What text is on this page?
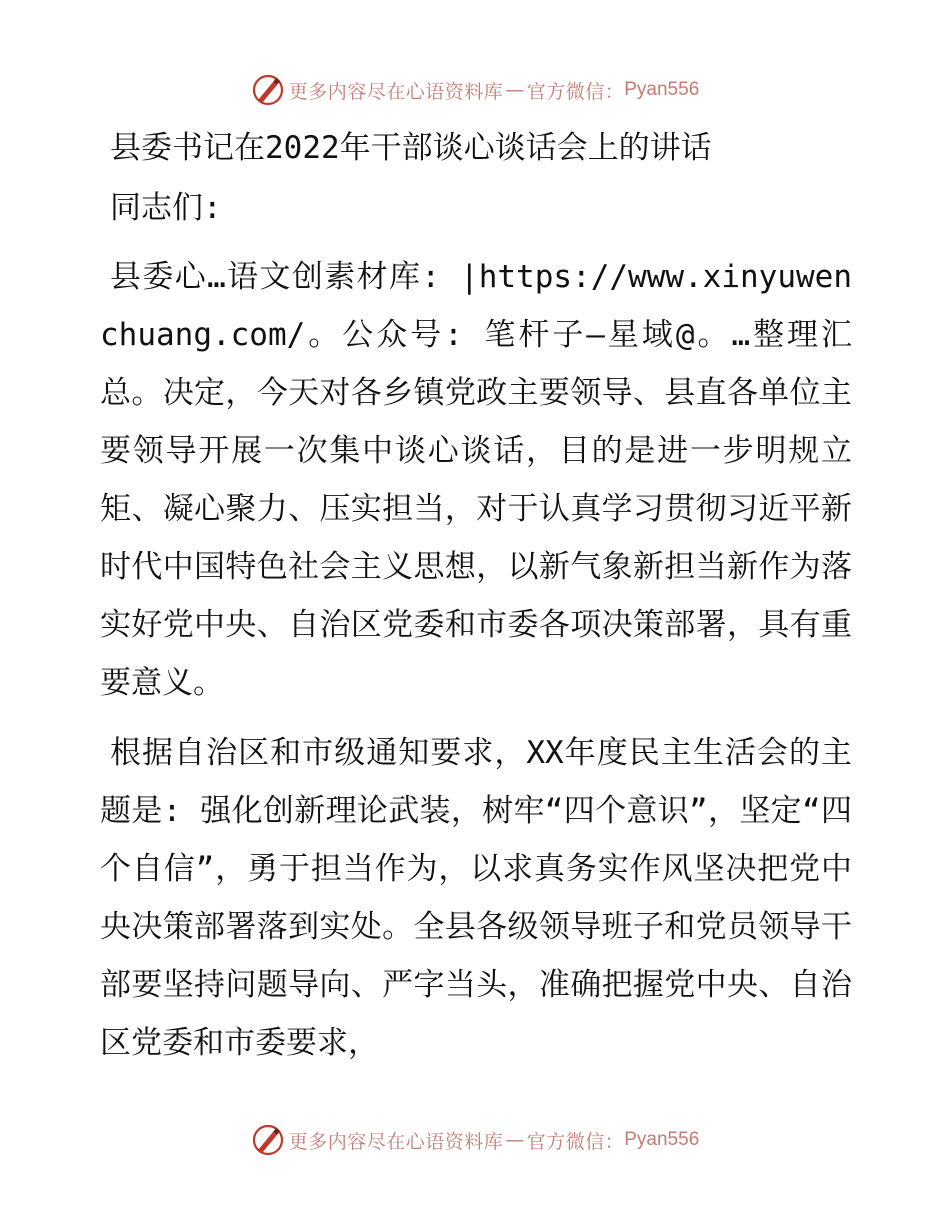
更多内容尽在心语资料库 — 官方微信： Pyan556
县委书记在2022年干部谈心谈话会上的讲话
同志们:

县委心…语文创素材库: |https://www.xinyuwenchuang.com/。公众号: 笔杆子—星域@。…整理汇总。决定，今天对各乡镇党政主要领导、县直各单位主要领导开展一次集中谈心谈话，目的是进一步明规立矩、凝心聚力、压实担当，对于认真学习贯彻习近平新时代中国特色社会主义思想，以新气象新担当新作为落实好党中央、自治区党委和市委各项决策部署，具有重要意义。

根据自治区和市级通知要求，XX年度民主生活会的主题是: 强化创新理论武装，树牢“四个意识”，坚定“四个自信”，勇于担当作为，以求真务实作风坚决把党中央决策部署落到实处。全县各级领导班子和党员领导干部要坚持问题导向、严字当头，准确把握党中央、自治区党委和市委要求，

更多内容尽在心语资料库 — 官方微信： Pyan556
